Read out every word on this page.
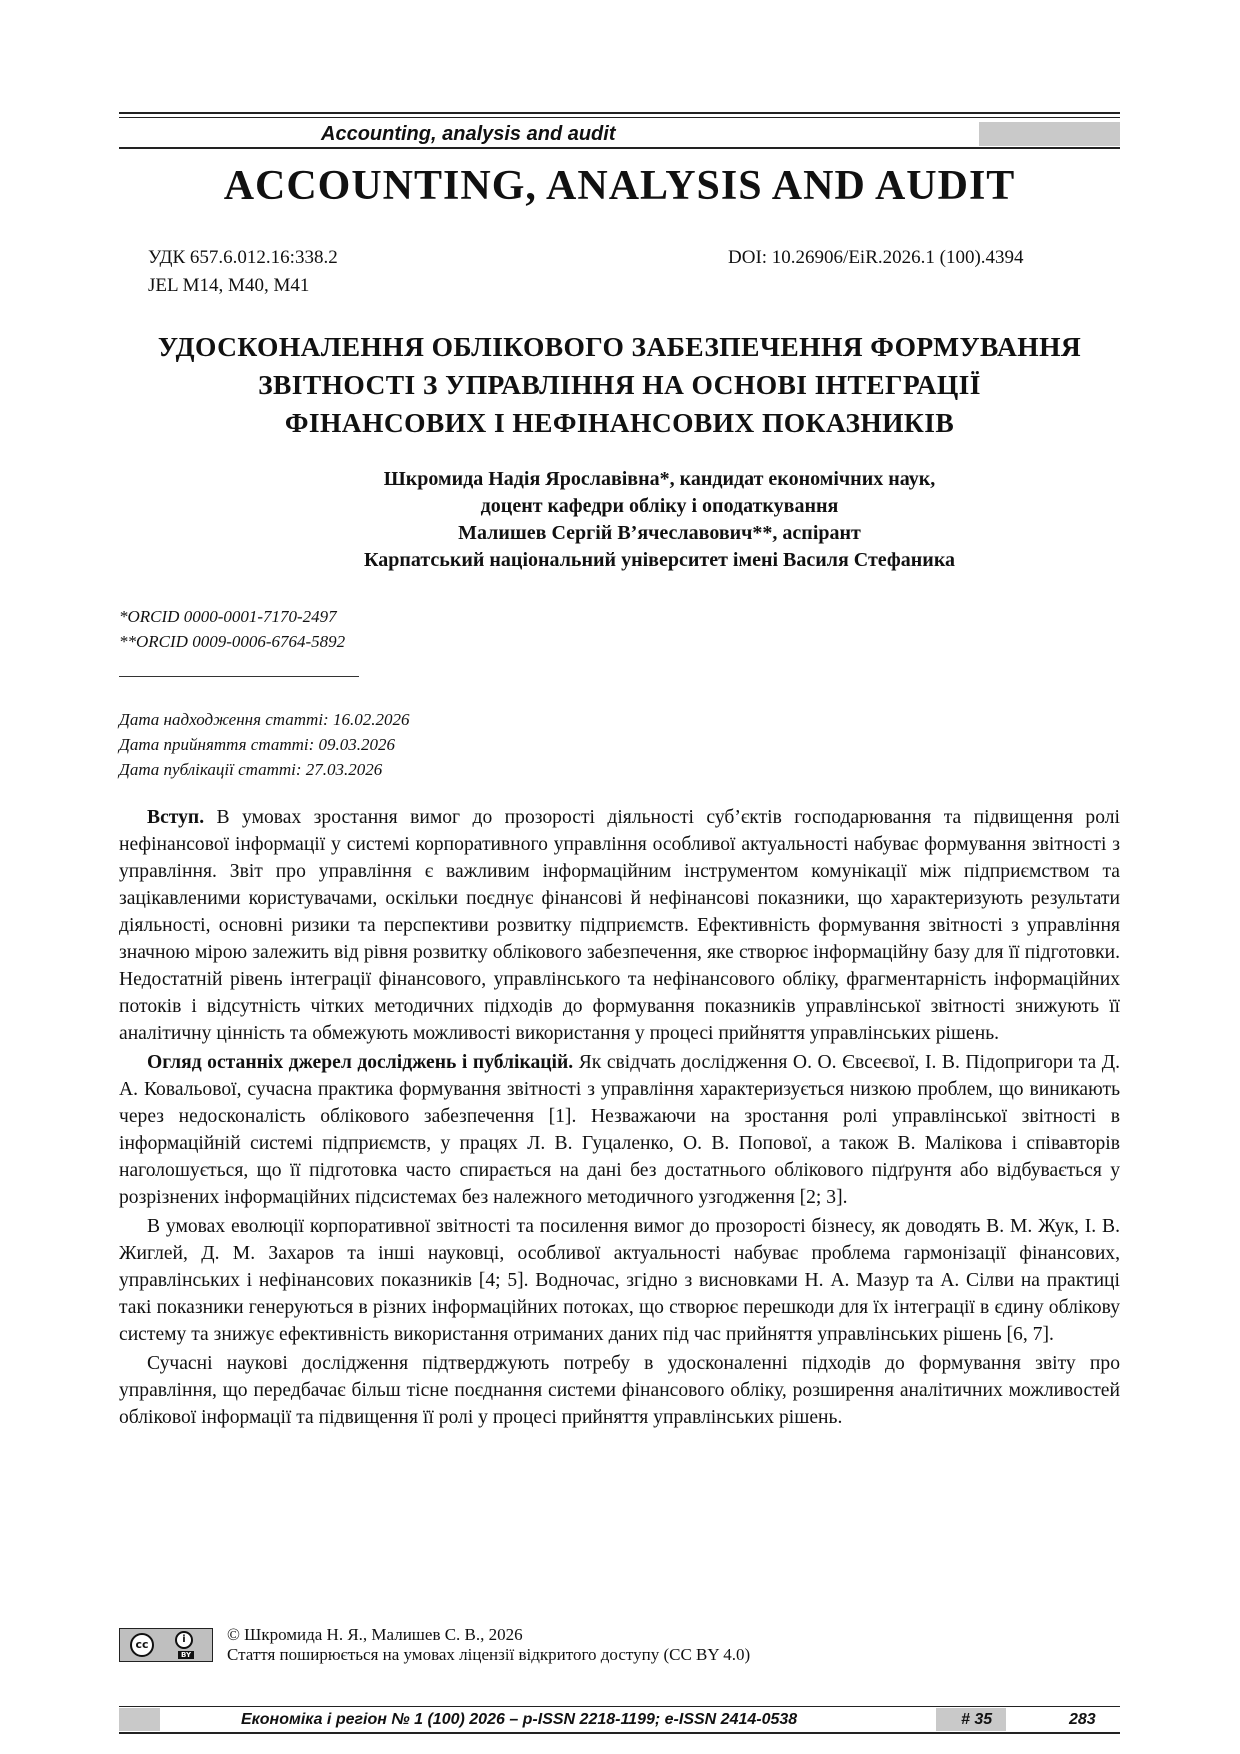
Accounting, analysis and audit
ACCOUNTING, ANALYSIS AND AUDIT
УДК 657.6.012.16:338.2
JEL M14, M40, M41
DOI: 10.26906/EiR.2026.1 (100).4394
УДОСКОНАЛЕННЯ ОБЛІКОВОГО ЗАБЕЗПЕЧЕННЯ ФОРМУВАННЯ
ЗВІТНОСТІ З УПРАВЛІННЯ НА ОСНОВІ ІНТЕГРАЦІЇ
ФІНАНСОВИХ І НЕФІНАНСОВИХ ПОКАЗНИКІВ
Шкромида Надія Ярославівна*, кандидат економічних наук,
доцент кафедри обліку і оподаткування
Малишев Сергій В’ячеславович**, аспірант
Карпатський національний університет імені Василя Стефаника
*ORCID 0000-0001-7170-2497
**ORCID 0009-0006-6764-5892
Дата надходження статті: 16.02.2026
Дата прийняття статті: 09.03.2026
Дата публікації статті: 27.03.2026

Вступ. В умовах зростання вимог до прозорості діяльності суб’єктів господарювання та підвищення ролі нефінансової інформації у системі корпоративного управління особливої актуальності набуває формування звітності з управління. Звіт про управління є важливим інформаційним інструментом комунікації між підприємством та зацікавленими користувачами, оскільки поєднує фінансові й нефінансові показники, що характеризують результати діяльності, основні ризики та перспективи розвитку підприємств. Ефективність формування звітності з управління значною мірою залежить від рівня розвитку облікового забезпечення, яке створює інформаційну базу для її підготовки. Недостатній рівень інтеграції фінансового, управлінського та нефінансового обліку, фрагментарність інформаційних потоків і відсутність чітких методичних підходів до формування показників управлінської звітності знижують її аналітичну цінність та обмежують можливості використання у процесі прийняття управлінських рішень.

Огляд останніх джерел досліджень і публікацій. Як свідчать дослідження О. О. Євсеєвої, І. В. Підопригори та Д. А. Ковальової, сучасна практика формування звітності з управління характеризується низкою проблем, що виникають через недосконалість облікового забезпечення [1]. Незважаючи на зростання ролі управлінської звітності в інформаційній системі підприємств, у працях Л. В. Гуцаленко, О. В. Попової, а також В. Малікова і співавторів наголошується, що її підготовка часто спирається на дані без достатнього облікового підґрунтя або відбувається у розрізнених інформаційних підсистемах без належного методичного узгодження [2; 3].

В умовах еволюції корпоративної звітності та посилення вимог до прозорості бізнесу, як доводять В. М. Жук, І. В. Жиглей, Д. М. Захаров та інші науковці, особливої актуальності набуває проблема гармонізації фінансових, управлінських і нефінансових показників [4; 5]. Водночас, згідно з висновками Н. А. Мазур та А. Сілви на практиці такі показники генеруються в різних інформаційних потоках, що створює перешкоди для їх інтеграції в єдину облікову систему та знижує ефективність використання отриманих даних під час прийняття управлінських рішень [6, 7].

Сучасні наукові дослідження підтверджують потребу в удосконаленні підходів до формування звіту про управління, що передбачає більш тісне поєднання системи фінансового обліку, розширення аналітичних можливостей облікової інформації та підвищення її ролі у процесі прийняття управлінських рішень.

cc	i
BY
© Шкромида Н. Я., Малишев С. В., 2026
Стаття поширюється на умовах ліцензії відкритого доступу (CC BY 4.0)
Економіка і регіон № 1 (100) 2026 – p-ISSN 2218-1199; e-ISSN 2414-0538	# 35	283
